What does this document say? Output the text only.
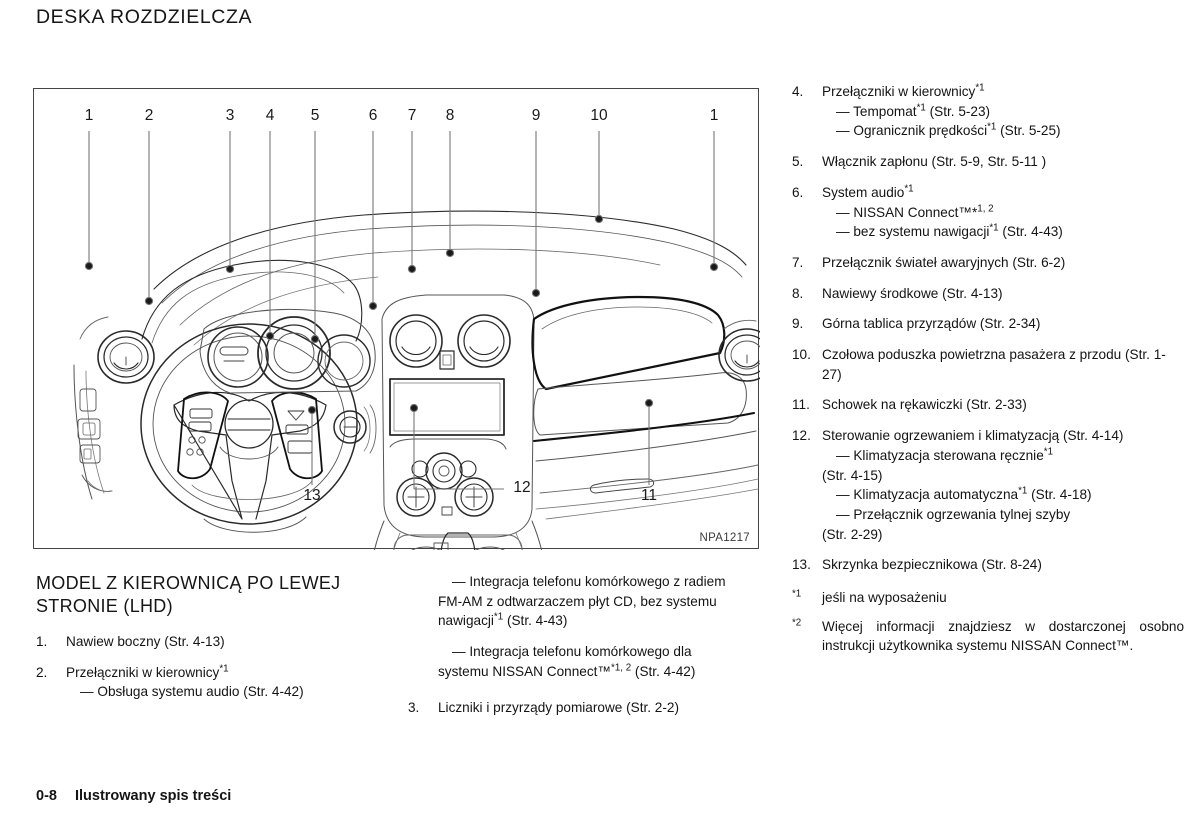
DESKA ROZDZIELCZA
1	2	3 4 5	6 7 8	9	10	1
11
12
13
NPA1217
MODEL Z KIEROWNICĄ PO LEWEJ STRONIE (LHD)
1.	Nawiew boczny (Str. 4-13)
2.	Przełączniki w kierownicy$^{*1}$
— Obsługa systemu audio (Str. 4-42)
— Integracja telefonu komórkowego z radiem
FM-AM z odtwarzaczem płyt CD, bez systemu
nawigacji$^{*1}$ (Str. 4-43)
— Integracja telefonu komórkowego dla
systemu NISSAN Connect™$^{*1, 2}$ (Str. 4-42)
3.	Liczniki i przyrządy pomiarowe (Str. 2-2)
4.	Przełączniki w kierownicy$^{*1}$
— Tempomat$^{*1}$ (Str. 5-23)
— Ogranicznik prędkości$^{*1}$ (Str. 5-25)
5.	Włącznik zapłonu (Str. 5-9, Str. 5-11 )
6.	System audio$^{*1}$
— NISSAN Connect™*$^{1, 2}$
— bez systemu nawigacji$^{*1}$ (Str. 4-43)
7.	Przełącznik świateł awaryjnych (Str. 6-2)
8.	Nawiewy środkowe (Str. 4-13)
9.	Górna tablica przyrządów (Str. 2-34)
10. Czołowa poduszka powietrzna pasażera z przodu (Str. 1-27)
11. Schowek na rękawiczki (Str. 2-33)
12. Sterowanie ogrzewaniem i klimatyzacją (Str. 4-14)
— Klimatyzacja sterowana ręcznie$^{*1}$
(Str. 4-15)
— Klimatyzacja automatyczna$^{*1}$ (Str. 4-18)
— Przełącznik ogrzewania tylnej szyby
(Str. 2-29)
13. Skrzynka bezpiecznikowa (Str. 8-24)
$^{*1}$	jeśli na wyposażeniu
$^{*2}$	Więcej informacji znajdziesz w dostarczonej osobno instrukcji użytkownika systemu NISSAN Connect™.
0-8 Ilustrowany spis treści
